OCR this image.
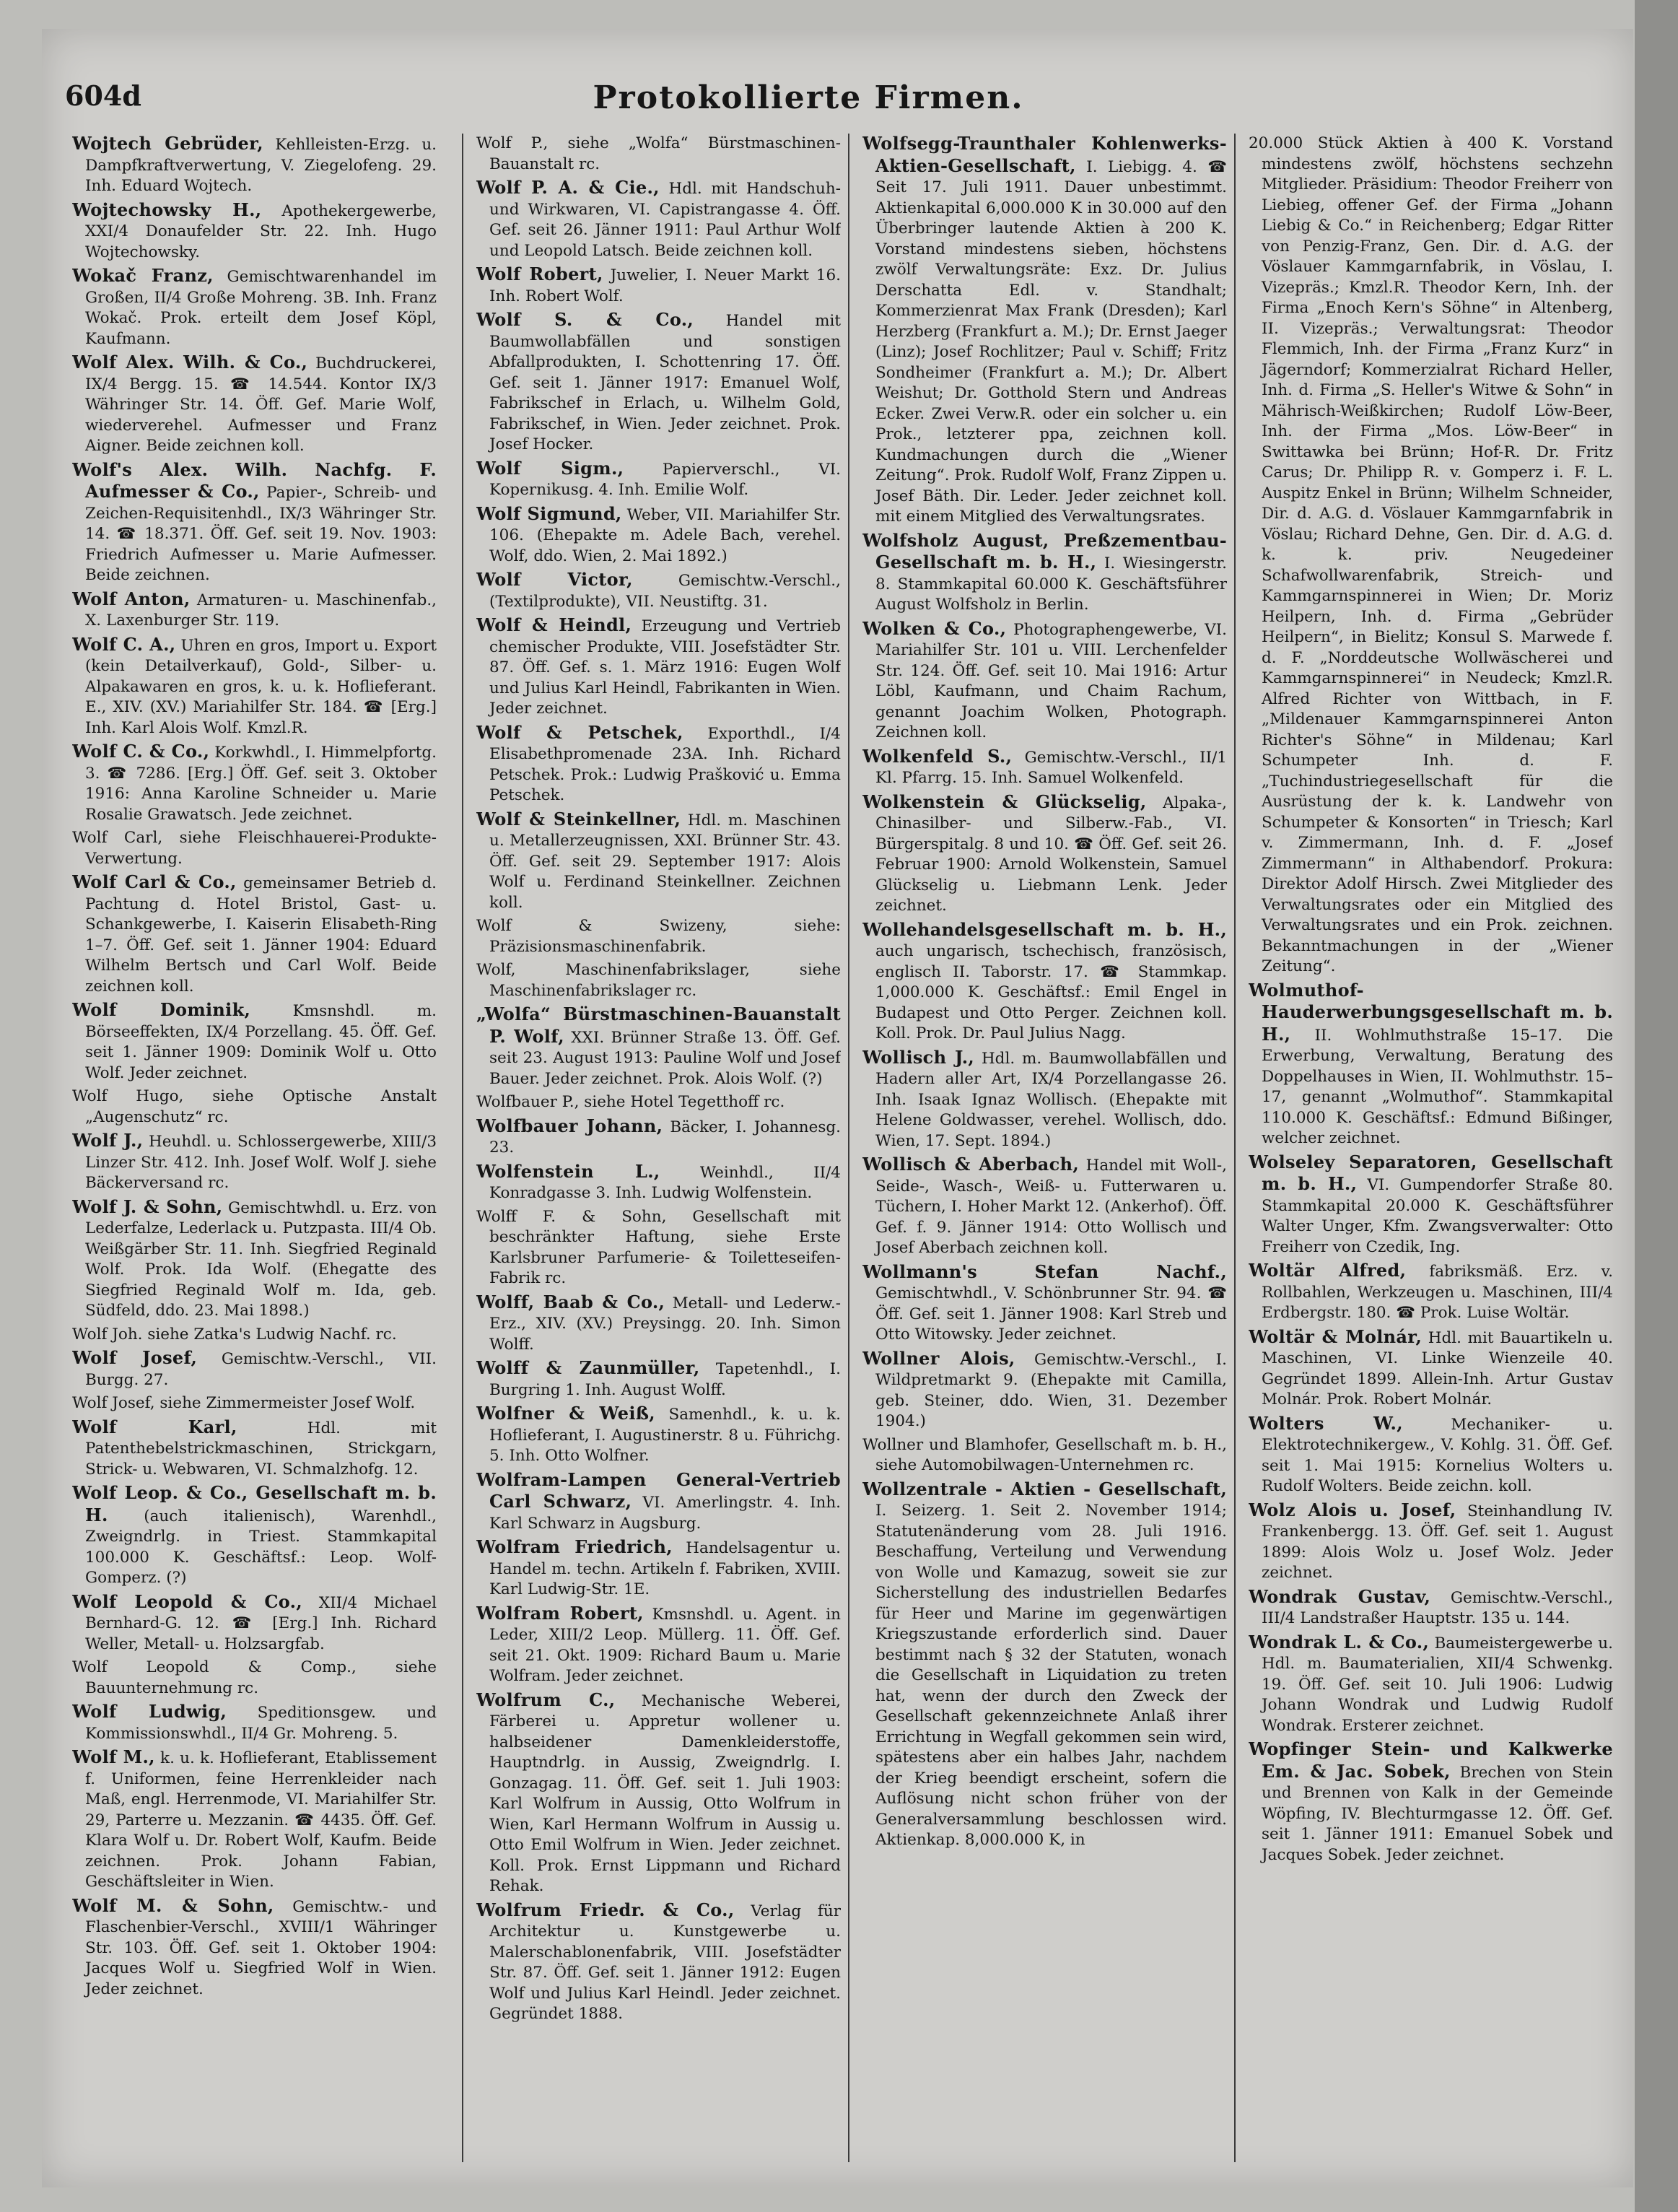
604d	Protokollierte Firmen.
Wojtech Gebrüder, Kehlleisten-Erzg. u. Dampfkraftverwertung, V. Ziegelofeng. 29. Inh. Eduard Wojtech.
Wojtechowsky H., Apothekergewerbe, XXI/4 Donaufelder Str. 22. Inh. Hugo Wojtechowsky.
Wokač Franz, Gemischtwarenhandel im Großen, II/4 Große Mohreng. 3B. Inh. Franz Wokač. Prok. erteilt dem Josef Köpl, Kaufmann.
Wolf Alex. Wilh. & Co., Buchdruckerei, IX/4 Bergg. 15. ☎ 14.544. Kontor IX/3 Währinger Str. 14. Öff. Gef. Marie Wolf, wiederverehel. Aufmesser und Franz Aigner. Beide zeichnen koll.
Wolf's Alex. Wilh. Nachfg. F. Aufmesser & Co., Papier-, Schreib- und Zeichen-Requisitenhdl., IX/3 Währinger Str. 14. ☎ 18.371. Öff. Gef. seit 19. Nov. 1903: Friedrich Aufmesser u. Marie Aufmesser. Beide zeichnen.
Wolf Anton, Armaturen- u. Maschinenfab., X. Laxenburger Str. 119.
Wolf C. A., Uhren en gros, Import u. Export (kein Detailverkauf), Gold-, Silber- u. Alpakawaren en gros, k. u. k. Hoflieferant. E., XIV. (XV.) Mariahilfer Str. 184. ☎ [Erg.] Inh. Karl Alois Wolf. Kmzl.R.
Wolf C. & Co., Korkwhdl., I. Himmelpfortg. 3. ☎ 7286. [Erg.] Öff. Gef. seit 3. Oktober 1916: Anna Karoline Schneider u. Marie Rosalie Grawatsch. Jede zeichnet.
Wolf Carl, siehe Fleischhauerei-Produkte-Verwertung.
Wolf Carl & Co., gemeinsamer Betrieb d. Pachtung d. Hotel Bristol, Gast- u. Schankgewerbe, I. Kaiserin Elisabeth-Ring 1–7. Öff. Gef. seit 1. Jänner 1904: Eduard Wilhelm Bertsch und Carl Wolf. Beide zeichnen koll.
Wolf Dominik,	Kmsnshdl. m. Börseeffekten, IX/4 Porzellang. 45. Öff. Gef. seit 1. Jänner 1909: Dominik Wolf u. Otto Wolf. Jeder zeichnet.
Wolf Hugo, siehe Optische Anstalt „Augenschutz“ rc.
Wolf J., Heuhdl. u. Schlossergewerbe, XIII/3 Linzer Str. 412. Inh. Josef Wolf. Wolf J. siehe Bäckerversand rc.
Wolf J. & Sohn, Gemischtwhdl. u. Erz. von Lederfalze, Lederlack u. Putzpasta. III/4 Ob. Weißgärber Str. 11. Inh. Siegfried Reginald Wolf. Prok. Ida Wolf. (Ehegatte des Siegfried Reginald Wolf m. Ida, geb. Südfeld, ddo. 23. Mai 1898.)
Wolf Joh. siehe Zatka's Ludwig Nachf. rc.
Wolf Josef, Gemischtw.-Verschl., VII. Burgg. 27.
Wolf Josef, siehe Zimmermeister Josef Wolf.
Wolf Karl,	Hdl. mit Patenthebelstrickmaschinen, Strickgarn, Strick- u. Webwaren, VI. Schmalzhofg. 12.
Wolf Leop. & Co., Gesellschaft m. b. H. (auch italienisch), Warenhdl., Zweigndrlg. in Triest. Stammkapital 100.000 K. Geschäftsf.: Leop. Wolf-Gomperz. (?)
Wolf Leopold & Co., XII/4 Michael Bernhard-G. 12. ☎ [Erg.] Inh. Richard Weller, Metall- u. Holzsargfab.
Wolf Leopold & Comp., siehe Bauunternehmung rc.
Wolf Ludwig, Speditionsgew. und Kommissionswhdl., II/4 Gr. Mohreng. 5.
Wolf M., k. u. k. Hoflieferant, Etablissement f. Uniformen, feine Herrenkleider nach Maß, engl. Herrenmode, VI. Mariahilfer Str. 29, Parterre u. Mezzanin. ☎ 4435. Öff. Gef. Klara Wolf u. Dr. Robert Wolf, Kaufm. Beide zeichnen. Prok. Johann Fabian, Geschäftsleiter in Wien.
Wolf M. & Sohn, Gemischtw.- und Flaschenbier-Verschl., XVIII/1 Währinger Str. 103. Öff. Gef. seit 1. Oktober 1904: Jacques Wolf u. Siegfried Wolf in Wien. Jeder zeichnet.
Wolf P., siehe „Wolfa“ Bürstmaschinen-Bauanstalt rc.
Wolf P. A. & Cie., Hdl. mit Handschuh- und Wirkwaren, VI. Capistrangasse 4. Öff. Gef. seit 26. Jänner 1911: Paul Arthur Wolf und Leopold Latsch. Beide zeichnen koll.
Wolf Robert, Juwelier, I. Neuer Markt 16. Inh. Robert Wolf.
Wolf S. & Co., Handel mit Baumwollabfällen und sonstigen Abfallprodukten, I. Schottenring 17. Öff. Gef. seit 1. Jänner 1917: Emanuel Wolf, Fabrikschef in Erlach, u. Wilhelm Gold, Fabrikschef, in Wien. Jeder zeichnet. Prok. Josef Hocker.
Wolf Sigm., Papierverschl., VI. Kopernikusg. 4. Inh. Emilie Wolf.
Wolf Sigmund, Weber, VII. Mariahilfer Str. 106. (Ehepakte m. Adele Bach, verehel. Wolf, ddo. Wien, 2. Mai 1892.)
Wolf Victor,	Gemischtw.-Verschl., (Textilprodukte), VII. Neustiftg. 31.
Wolf & Heindl, Erzeugung und Vertrieb chemischer Produkte, VIII. Josefstädter Str. 87. Öff. Gef. s. 1. März 1916: Eugen Wolf und Julius Karl Heindl, Fabrikanten in Wien. Jeder zeichnet.
Wolf & Petschek, Exporthdl., I/4 Elisabethpromenade 23A. Inh. Richard Petschek. Prok.: Ludwig Prašković u. Emma Petschek.
Wolf & Steinkellner, Hdl. m. Maschinen u. Metallerzeugnissen, XXI. Brünner Str. 43. Öff. Gef. seit 29. September 1917: Alois Wolf u. Ferdinand Steinkellner. Zeichnen koll.
Wolf & Swizeny, siehe: Präzisionsmaschinenfabrik.
Wolf, Maschinenfabrikslager, siehe Maschinenfabrikslager rc.
„Wolfa“ Bürstmaschinen-Bauanstalt P. Wolf, XXI. Brünner Straße 13. Öff. Gef. seit 23. August 1913: Pauline Wolf und Josef Bauer. Jeder zeichnet. Prok. Alois Wolf. (?)
Wolfbauer P., siehe Hotel Tegetthoff rc.
Wolfbauer Johann, Bäcker, I. Johannesg. 23.
Wolfenstein L.,	Weinhdl., II/4 Konradgasse 3. Inh. Ludwig Wolfenstein.
Wolff F. & Sohn, Gesellschaft mit beschränkter Haftung, siehe Erste Karlsbruner Parfumerie- & Toiletteseifen-Fabrik rc.
Wolff, Baab & Co., Metall- und Lederw.-Erz., XIV. (XV.) Preysingg. 20. Inh. Simon Wolff.
Wolff & Zaunmüller, Tapetenhdl., I. Burgring 1. Inh. August Wolff.
Wolfner & Weiß, Samenhdl., k. u. k. Hoflieferant, I. Augustinerstr. 8 u. Führichg. 5. Inh. Otto Wolfner.
Wolfram-Lampen General-Vertrieb Carl Schwarz, VI. Amerlingstr. 4. Inh. Karl Schwarz in Augsburg.
Wolfram Friedrich, Handelsagentur u. Handel m. techn. Artikeln f. Fabriken, XVIII. Karl Ludwig-Str. 1E.
Wolfram Robert, Kmsnshdl. u. Agent. in Leder, XIII/2 Leop. Müllerg. 11. Öff. Gef. seit 21. Okt. 1909: Richard Baum u. Marie Wolfram. Jeder zeichnet.
Wolfrum C., Mechanische Weberei, Färberei u. Appretur wollener u. halbseidener Damenkleiderstoffe, Hauptndrlg. in Aussig, Zweigndrlg. I. Gonzagag. 11. Öff. Gef. seit 1. Juli 1903: Karl Wolfrum in Aussig, Otto Wolfrum in Wien, Karl Hermann Wolfrum in Aussig u. Otto Emil Wolfrum in Wien. Jeder zeichnet. Koll. Prok. Ernst Lippmann und Richard Rehak.
Wolfrum Friedr. & Co., Verlag für Architektur u. Kunstgewerbe u. Malerschablonenfabrik, VIII. Josefstädter Str. 87. Öff. Gef. seit 1. Jänner 1912: Eugen Wolf und Julius Karl Heindl. Jeder zeichnet. Gegründet 1888.
Wolfsegg-Traunthaler Kohlenwerks-Aktien-Gesellschaft, I. Liebigg. 4. ☎ Seit 17. Juli 1911. Dauer unbestimmt. Aktienkapital 6,000.000 K in 30.000 auf den Überbringer lautende Aktien à 200 K. Vorstand mindestens sieben, höchstens zwölf Verwaltungsräte: Exz. Dr. Julius Derschatta Edl. v. Standhalt; Kommerzienrat Max Frank (Dresden); Karl Herzberg (Frankfurt a. M.); Dr. Ernst Jaeger (Linz); Josef Rochlitzer; Paul v. Schiff; Fritz Sondheimer (Frankfurt a. M.); Dr. Albert Weishut; Dr. Gotthold Stern und Andreas Ecker. Zwei Verw.R. oder ein solcher u. ein Prok., letzterer ppa, zeichnen koll. Kundmachungen durch die „Wiener Zeitung“. Prok. Rudolf Wolf, Franz Zippen u. Josef Bäth. Dir. Leder. Jeder zeichnet koll. mit einem Mitglied des Verwaltungsrates.
Wolfsholz August, Preßzementbau-Gesellschaft m. b. H., I. Wiesingerstr. 8. Stammkapital 60.000 K. Geschäftsführer August Wolfsholz in Berlin.
Wolken & Co., Photographengewerbe, VI. Mariahilfer Str. 101 u. VIII. Lerchenfelder Str. 124. Öff. Gef. seit 10. Mai 1916: Artur Löbl, Kaufmann, und Chaim Rachum, genannt Joachim Wolken, Photograph. Zeichnen koll.
Wolkenfeld S., Gemischtw.-Verschl., II/1 Kl. Pfarrg. 15. Inh. Samuel Wolkenfeld.
Wolkenstein & Glückselig, Alpaka-, Chinasilber- und Silberw.-Fab., VI. Bürgerspitalg. 8 und 10. ☎ Öff. Gef. seit 26. Februar 1900: Arnold Wolkenstein, Samuel Glückselig u. Liebmann Lenk. Jeder zeichnet.
Wollehandelsgesellschaft m. b. H., auch ungarisch, tschechisch, französisch, englisch II. Taborstr. 17. ☎ Stammkap. 1,000.000 K. Geschäftsf.: Emil Engel in Budapest und Otto Perger. Zeichnen koll. Koll. Prok. Dr. Paul Julius Nagg.
Wollisch J., Hdl. m. Baumwollabfällen und Hadern aller Art, IX/4 Porzellangasse 26. Inh. Isaak Ignaz Wollisch. (Ehepakte mit Helene Goldwasser, verehel. Wollisch, ddo. Wien, 17. Sept. 1894.)
Wollisch & Aberbach, Handel mit Woll-, Seide-, Wasch-, Weiß- u. Futterwaren u. Tüchern, I. Hoher Markt 12. (Ankerhof). Öff. Gef. f. 9. Jänner 1914: Otto Wollisch und Josef Aberbach zeichnen koll.
Wollmann's Stefan Nachf., Gemischtwhdl., V. Schönbrunner Str. 94. ☎ Öff. Gef. seit 1. Jänner 1908: Karl Streb und Otto Witowsky. Jeder zeichnet.
Wollner Alois, Gemischtw.-Verschl., I. Wildpretmarkt 9. (Ehepakte mit Camilla, geb. Steiner, ddo. Wien, 31. Dezember 1904.)
Wollner und Blamhofer, Gesellschaft m. b. H., siehe Automobilwagen-Unternehmen rc.
Wollzentrale - Aktien - Gesellschaft, I. Seizerg. 1. Seit 2. November 1914; Statutenänderung vom 28. Juli 1916. Beschaffung, Verteilung und Verwendung von Wolle und Kamazug, soweit sie zur Sicherstellung des industriellen Bedarfes für Heer und Marine im gegenwärtigen Kriegszustande erforderlich sind. Dauer bestimmt nach § 32 der Statuten, wonach die Gesellschaft in Liquidation zu treten hat, wenn der durch den Zweck der Gesellschaft gekennzeichnete Anlaß ihrer Errichtung in Wegfall gekommen sein wird, spätestens aber ein halbes Jahr, nachdem der Krieg beendigt erscheint, sofern die Auflösung nicht schon früher von der Generalversammlung beschlossen wird. Aktienkap. 8,000.000 K, in
20.000 Stück Aktien à 400 K. Vorstand mindestens zwölf, höchstens sechzehn Mitglieder. Präsidium: Theodor Freiherr von Liebieg, offener Gef. der Firma „Johann Liebig & Co.“ in Reichenberg; Edgar Ritter von Penzig-Franz, Gen. Dir. d. A.G. der Vöslauer Kammgarnfabrik, in Vöslau, I. Vizepräs.; Kmzl.R. Theodor Kern, Inh. der Firma „Enoch Kern's Söhne“ in Altenberg, II. Vizepräs.; Verwaltungsrat: Theodor Flemmich, Inh. der Firma „Franz Kurz“ in Jägerndorf; Kommerzialrat Richard Heller, Inh. d. Firma „S. Heller's Witwe & Sohn“ in Mährisch-Weißkirchen; Rudolf Löw-Beer, Inh. der Firma „Mos. Löw-Beer“ in Swittawka bei Brünn; Hof-R. Dr. Fritz Carus; Dr. Philipp R. v. Gomperz i. F. L. Auspitz Enkel in Brünn; Wilhelm Schneider, Dir. d. A.G. d. Vöslauer Kammgarnfabrik in Vöslau; Richard Dehne, Gen. Dir. d. A.G. d. k. k. priv. Neugedeiner Schafwollwarenfabrik, Streich- und Kammgarnspinnerei in Wien; Dr. Moriz Heilpern, Inh. d. Firma „Gebrüder Heilpern“, in Bielitz; Konsul S. Marwede f. d. F. „Norddeutsche Wollwäscherei und Kammgarnspinnerei“ in Neudeck; Kmzl.R. Alfred Richter von Wittbach, in F. „Mildenauer Kammgarnspinnerei Anton Richter's Söhne“ in Mildenau; Karl Schumpeter Inh. d. F. „Tuchindustriegesellschaft für die Ausrüstung der k. k. Landwehr von Schumpeter & Konsorten“ in Triesch; Karl v. Zimmermann, Inh. d. F. „Josef Zimmermann“ in Althabendorf. Prokura: Direktor Adolf Hirsch. Zwei Mitglieder des Verwaltungsrates oder ein Mitglied des Verwaltungsrates und ein Prok. zeichnen. Bekanntmachungen in der „Wiener Zeitung“.
Wolmuthof-Hauderwerbungsgesellschaft m. b. H., II. Wohlmuthstraße 15–17. Die Erwerbung, Verwaltung, Beratung des Doppelhauses in Wien, II. Wohlmuthstr. 15–17, genannt „Wolmuthof“. Stammkapital 110.000 K. Geschäftsf.: Edmund Bißinger, welcher zeichnet.
Wolseley Separatoren, Gesellschaft m. b. H., VI. Gumpendorfer Straße 80. Stammkapital 20.000 K. Geschäftsführer Walter Unger, Kfm. Zwangsverwalter: Otto Freiherr von Czedik, Ing.
Woltär Alfred, fabriksmäß. Erz. v. Rollbahlen, Werkzeugen u. Maschinen, III/4 Erdbergstr. 180. ☎ Prok. Luise Woltär.
Woltär & Molnár, Hdl. mit Bauartikeln u. Maschinen, VI. Linke Wienzeile 40. Gegründet 1899. Allein-Inh. Artur Gustav Molnár. Prok. Robert Molnár.
Wolters W.,	Mechaniker- u. Elektrotechnikergew., V. Kohlg. 31. Öff. Gef. seit 1. Mai 1915: Kornelius Wolters u. Rudolf Wolters. Beide zeichn. koll.
Wolz Alois u. Josef, Steinhandlung IV. Frankenbergg. 13. Öff. Gef. seit 1. August 1899: Alois Wolz u. Josef Wolz. Jeder zeichnet.
Wondrak Gustav, Gemischtw.-Verschl., III/4 Landstraßer Hauptstr. 135 u. 144.
Wondrak L. & Co., Baumeistergewerbe u. Hdl. m. Baumaterialien, XII/4 Schwenkg. 19. Öff. Gef. seit 10. Juli 1906: Ludwig Johann Wondrak und Ludwig Rudolf Wondrak. Ersterer zeichnet.
Wopfinger Stein- und Kalkwerke Em. & Jac. Sobek, Brechen von Stein und Brennen von Kalk in der Gemeinde Wöpfing, IV. Blechturmgasse 12. Öff. Gef. seit 1. Jänner 1911: Emanuel Sobek und Jacques Sobek. Jeder zeichnet.
